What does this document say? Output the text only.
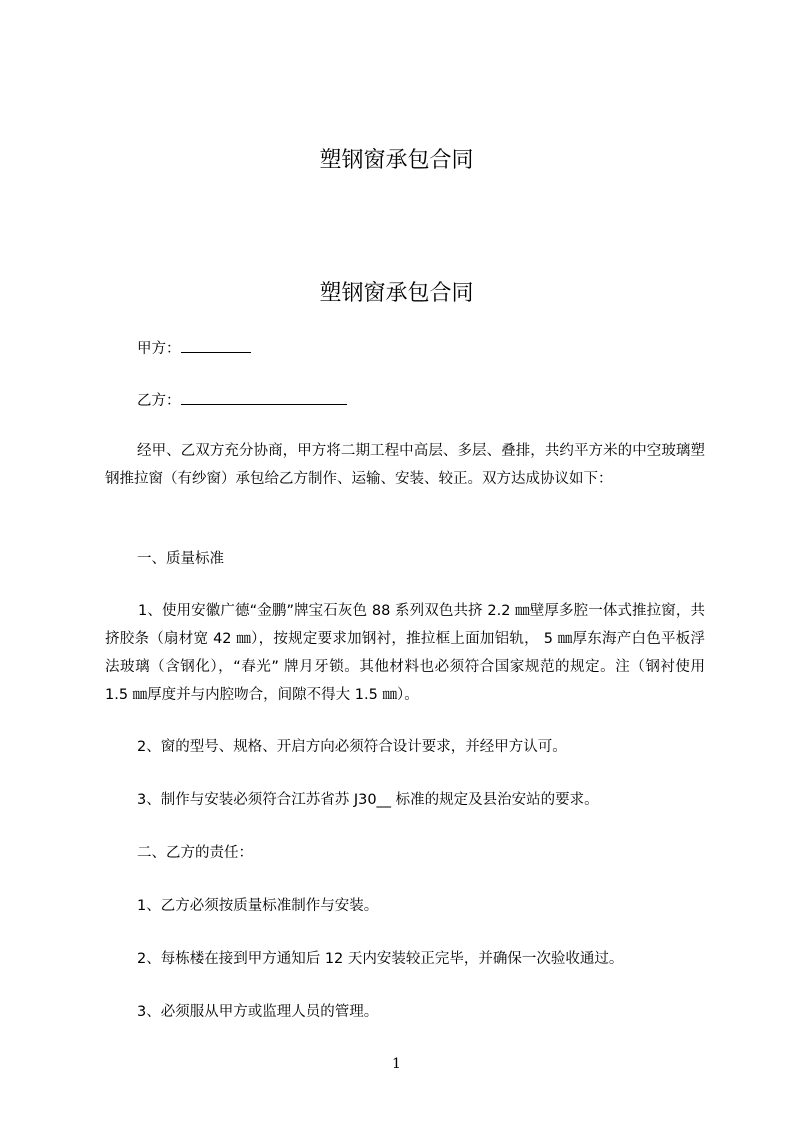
塑钢窗承包合同
塑钢窗承包合同
甲方：
乙方：
经甲、乙双方充分协商，甲方将二期工程中高层、多层、叠排，共约平方米的中空玻璃塑钢推拉窗（有纱窗）承包给乙方制作、运输、安装、较正。双方达成协议如下：
一、质量标准
1、使用安徽广德“金鹏”牌宝石灰色 88 系列双色共挤 2.2 ㎜壁厚多腔一体式推拉窗，共挤胶条（扇材宽 42 ㎜），按规定要求加钢衬，推拉框上面加铝轨， 5 ㎜厚东海产白色平板浮法玻璃（含钢化），“春光” 牌月牙锁。其他材料也必须符合国家规范的规定。注（钢衬使用 1.5 ㎜厚度并与内腔吻合，间隙不得大 1.5 ㎜）。
2、窗的型号、规格、开启方向必须符合设计要求，并经甲方认可。
3、制作与安装必须符合江苏省苏 J30__ 标准的规定及县治安站的要求。
二、乙方的责任：
1、乙方必须按质量标准制作与安装。
2、每栋楼在接到甲方通知后 12 天内安装较正完毕，并确保一次验收通过。
3、必须服从甲方或监理人员的管理。
1
